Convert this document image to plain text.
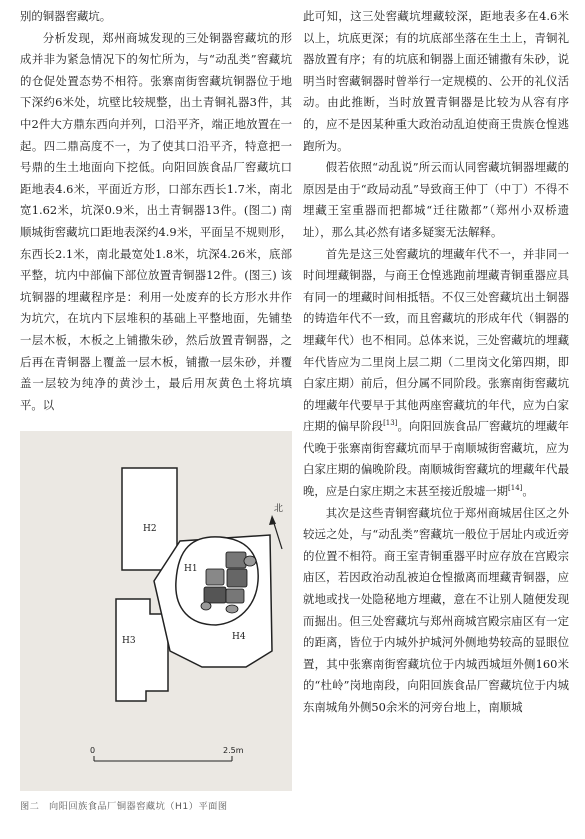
别的铜器窖藏坑。

分析发现，郑州商城发现的三处铜器窖藏坑的形成并非为紧急情况下的匆忙所为，与“动乱类”窖藏坑的仓促处置态势不相符。张寨南街窖藏坑铜器位于地下深约6米处，坑壁比较规整，出土青铜礼器3件，其中2件大方鼎东西向并列，口沿平齐，端正地放置在一起。四二鼎高度不一，为了使其口沿平齐，特意把一号鼎的生土地面向下挖低。向阳回族食品厂窖藏坑口距地表4.6米，平面近方形，口部东西长1.7米，南北宽1.62米，坑深0.9米，出土青铜器13件。(图二) 南顺城街窖藏坑口距地表深约4.9米，平面呈不规则形，东西长2.1米，南北最宽处1.8米，坑深4.26米，底部平整，坑内中部偏下部位放置青铜器12件。(图三) 该坑铜器的埋藏程序是：利用一处废弃的长方形水井作为坑穴，在坑内下层堆积的基础上平整地面，先铺垫一层木板，木板之上铺撒朱砂，然后放置青铜器，之后再在青铜器上覆盖一层木板，铺撒一层朱砂，并覆盖一层较为纯净的黄沙土，最后用灰黄色土将坑填平。以

H2
H3	H4
H1
北
0	2.5m
图二　向阳回族食品厂铜器窖藏坑（H1）平面图

此可知，这三处窖藏坑埋藏较深，距地表多在4.6米以上，坑底更深；有的坑底部坐落在生土上，青铜礼器放置有序；有的坑底和铜器上面还铺撒有朱砂，说明当时窖藏铜器时曾举行一定规模的、公开的礼仪活动。由此推断，当时放置青铜器是比较为从容有序的，应不是因某种重大政治动乱迫使商王贵族仓惶逃跑所为。

假若依照“动乱说”所云而认同窖藏坑铜器埋藏的原因是由于“政局动乱”导致商王仲丁（中丁）不得不埋藏王室重器而把都城“迁往隞都”（郑州小双桥遗址），那么其必然有诸多疑窦无法解释。

首先是这三处窖藏坑的埋藏年代不一，并非同一时间埋藏铜器，与商王仓惶逃跑前埋藏青铜重器应具有同一的埋藏时间相抵牾。不仅三处窖藏坑出土铜器的铸造年代不一致，而且窖藏坑的形成年代（铜器的埋藏年代）也不相同。总体来说，三处窖藏坑的埋藏年代皆应为二里岗上层二期（二里岗文化第四期，即白家庄期）前后，但分属不同阶段。张寨南街窖藏坑的埋藏年代要早于其他两座窖藏坑的年代，应为白家庄期的偏早阶段[13]。向阳回族食品厂窖藏坑的埋藏年代晚于张寨南街窖藏坑而早于南顺城街窖藏坑，应为白家庄期的偏晚阶段。南顺城街窖藏坑的埋藏年代最晚，应是白家庄期之末甚至接近殷墟一期[14]。

其次是这些青铜窖藏坑位于郑州商城居住区之外较远之处，与“动乱类”窖藏坑一般位于居址内或近旁的位置不相符。商王室青铜重器平时应存放在宫殿宗庙区，若因政治动乱被迫仓惶撤离而埋藏青铜器，应就地或找一处隐秘地方埋藏，意在不让别人随便发现而掘出。但三处窖藏坑与郑州商城宫殿宗庙区有一定的距离，皆位于内城外护城河外侧地势较高的显眼位置，其中张寨南街窖藏坑位于内城西城垣外侧160米的“杜岭”岗地南段，向阳回族食品厂窖藏坑位于内城东南城角外侧50余米的河旁台地上，南顺城
